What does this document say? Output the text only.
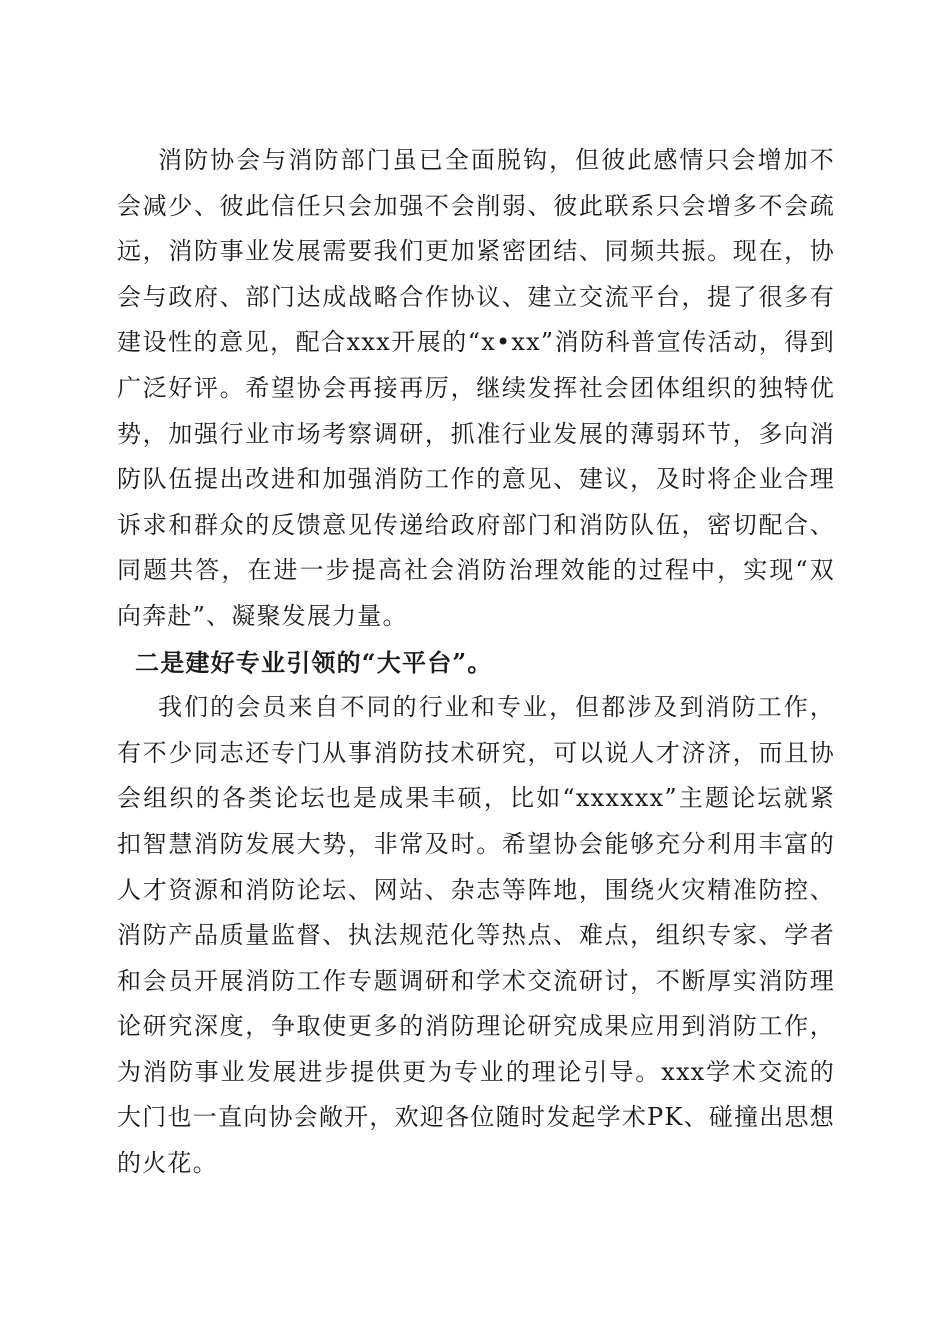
消防协会与消防部门虽已全面脱钩，但彼此感情只会增加不会减少、彼此信任只会加强不会削弱、彼此联系只会增多不会疏远，消防事业发展需要我们更加紧密团结、同频共振。现在，协会与政府、部门达成战略合作协议、建立交流平台，提了很多有建设性的意见，配合xxx开展的“x•xx”消防科普宣传活动，得到广泛好评。希望协会再接再厉，继续发挥社会团体组织的独特优势，加强行业市场考察调研，抓准行业发展的薄弱环节，多向消防队伍提出改进和加强消防工作的意见、建议，及时将企业合理诉求和群众的反馈意见传递给政府部门和消防队伍，密切配合、同题共答，在进一步提高社会消防治理效能的过程中，实现“双向奔赴”、凝聚发展力量。

二是建好专业引领的“大平台”。

我们的会员来自不同的行业和专业，但都涉及到消防工作，有不少同志还专门从事消防技术研究，可以说人才济济，而且协会组织的各类论坛也是成果丰硕，比如“xxxxxx”主题论坛就紧扣智慧消防发展大势，非常及时。希望协会能够充分利用丰富的人才资源和消防论坛、网站、杂志等阵地，围绕火灾精准防控、消防产品质量监督、执法规范化等热点、难点，组织专家、学者和会员开展消防工作专题调研和学术交流研讨，不断厚实消防理论研究深度，争取使更多的消防理论研究成果应用到消防工作，为消防事业发展进步提供更为专业的理论引导。xxx学术交流的大门也一直向协会敞开，欢迎各位随时发起学术PK、碰撞出思想的火花。
